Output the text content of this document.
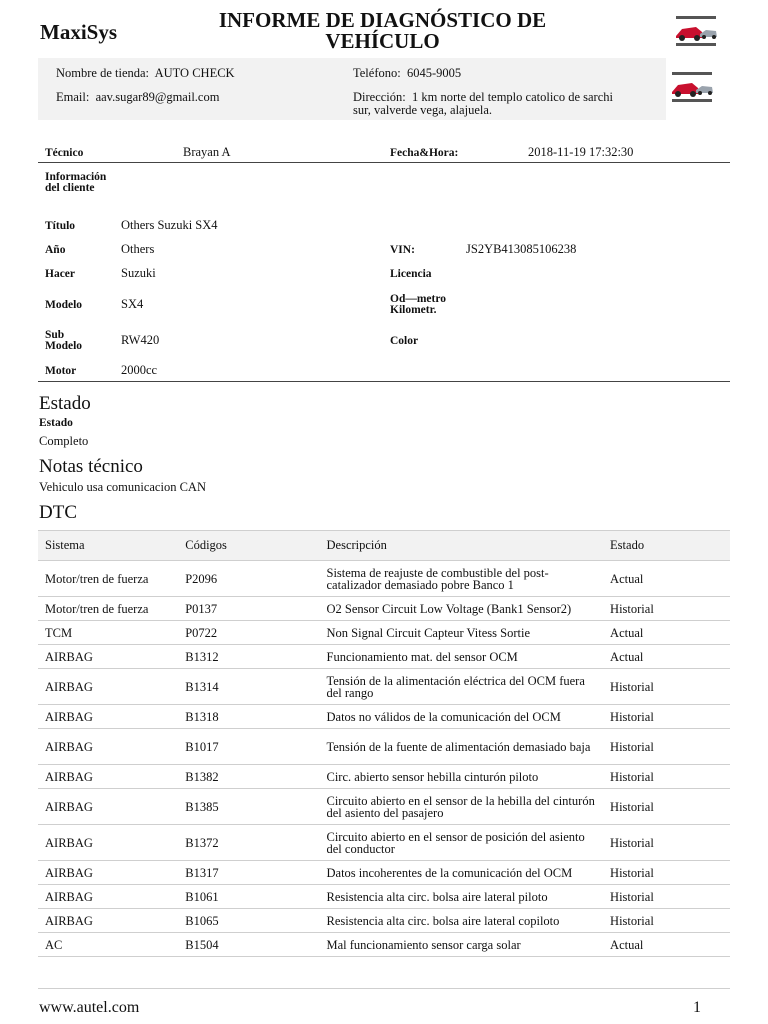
MaxiSys	INFORME DE DIAGNÓSTICO DE VEHÍCULO
Nombre de tienda: AUTO CHECK	Teléfono: 6045-9005
Email: aav.sugar89@gmail.com	Dirección: 1 km norte del templo catolico de sarchi sur, valverde vega, alajuela.
Técnico	Brayan A	Fecha&Hora:	2018-11-19 17:32:30
Información del cliente
Título	Others Suzuki SX4
Año	Others	VIN:	JS2YB413085106238
Hacer	Suzuki	Licencia
Modelo	SX4	Od—metro Kilometr.
Sub Modelo	RW420	Color
Motor	2000cc
Estado
Estado
Completo
Notas técnico
Vehiculo usa comunicacion CAN
DTC
Sistema	Códigos	Descripción	Estado
Motor/tren de fuerza	P2096	Sistema de reajuste de combustible del post-catalizador demasiado pobre Banco 1	Actual
Motor/tren de fuerza	P0137	O2 Sensor Circuit Low Voltage (Bank1 Sensor2)	Historial
TCM	P0722	Non Signal Circuit Capteur Vitess Sortie	Actual
AIRBAG	B1312	Funcionamiento mat. del sensor OCM	Actual
AIRBAG	B1314	Tensión de la alimentación eléctrica del OCM fuera del rango	Historial
AIRBAG	B1318	Datos no válidos de la comunicación del OCM	Historial
AIRBAG	B1017	Tensión de la fuente de alimentación demasiado baja	Historial
AIRBAG	B1382	Circ. abierto sensor hebilla cinturón piloto	Historial
AIRBAG	B1385	Circuito abierto en el sensor de la hebilla del cinturón del asiento del pasajero	Historial
AIRBAG	B1372	Circuito abierto en el sensor de posición del asiento del conductor	Historial
AIRBAG	B1317	Datos incoherentes de la comunicación del OCM	Historial
AIRBAG	B1061	Resistencia alta circ. bolsa aire lateral piloto	Historial
AIRBAG	B1065	Resistencia alta circ. bolsa aire lateral copiloto	Historial
AC	B1504	Mal funcionamiento sensor carga solar	Actual
www.autel.com	1
